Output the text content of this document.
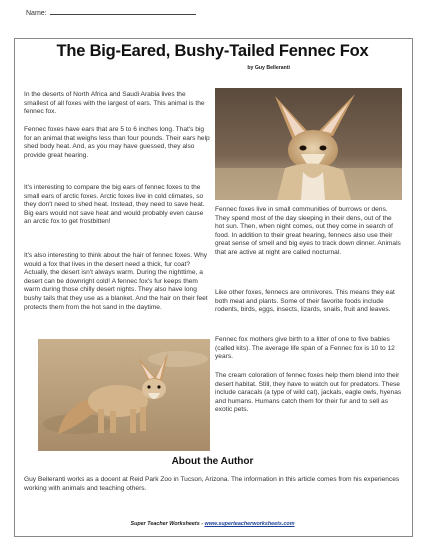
Name:
The Big-Eared, Bushy-Tailed Fennec Fox
by Guy Belleranti

In the deserts of North Africa and Saudi Arabia lives the smallest of all foxes with the largest of ears. This animal is the fennec fox.

Fennec foxes have ears that are 5 to 6 inches long. That's big for an animal that weighs less than four pounds. Their ears help shed body heat. And, as you may have guessed, they also provide great hearing.

It's interesting to compare the big ears of fennec foxes to the small ears of arctic foxes. Arctic foxes live in cold climates, so they don't need to shed heat. Instead, they need to save heat. Big ears would not save heat and would probably even cause an arctic fox to get frostbitten!

It's also interesting to think about the hair of fennec foxes. Why would a fox that lives in the desert need a thick, fur coat? Actually, the desert isn't always warm. During the nighttime, a desert can be downright cold! A fennec fox's fur keeps them warm during those chilly desert nights. They also have long bushy tails that they use as a blanket. And the hair on their feet protects them from the hot sand in the daytime.

Fennec foxes live in small communities of burrows or dens. They spend most of the day sleeping in their dens, out of the hot sun. Then, when night comes, out they come in search of food. In addition to their great hearing, fennecs also use their great sense of smell and big eyes to track down dinner. Animals that are active at night are called nocturnal.

Like other foxes, fennecs are omnivores. This means they eat both meat and plants. Some of their favorite foods include rodents, birds, eggs, insects, lizards, snails, fruit and leaves.

Fennec fox mothers give birth to a litter of one to five babies (called kits). The average life span of a Fennec fox is 10 to 12 years.

The cream coloration of fennec foxes help them blend into their desert habitat. Still, they have to watch out for predators. These include caracals (a type of wild cat), jackals, eagle owls, hyenas and humans. Humans catch them for their fur and to sell as exotic pets.

About the Author

Guy Belleranti works as a docent at Reid Park Zoo in Tucson, Arizona. The information in this article comes from his experiences working with animals and teaching others.

Super Teacher Worksheets - www.superteacherworksheets.com
